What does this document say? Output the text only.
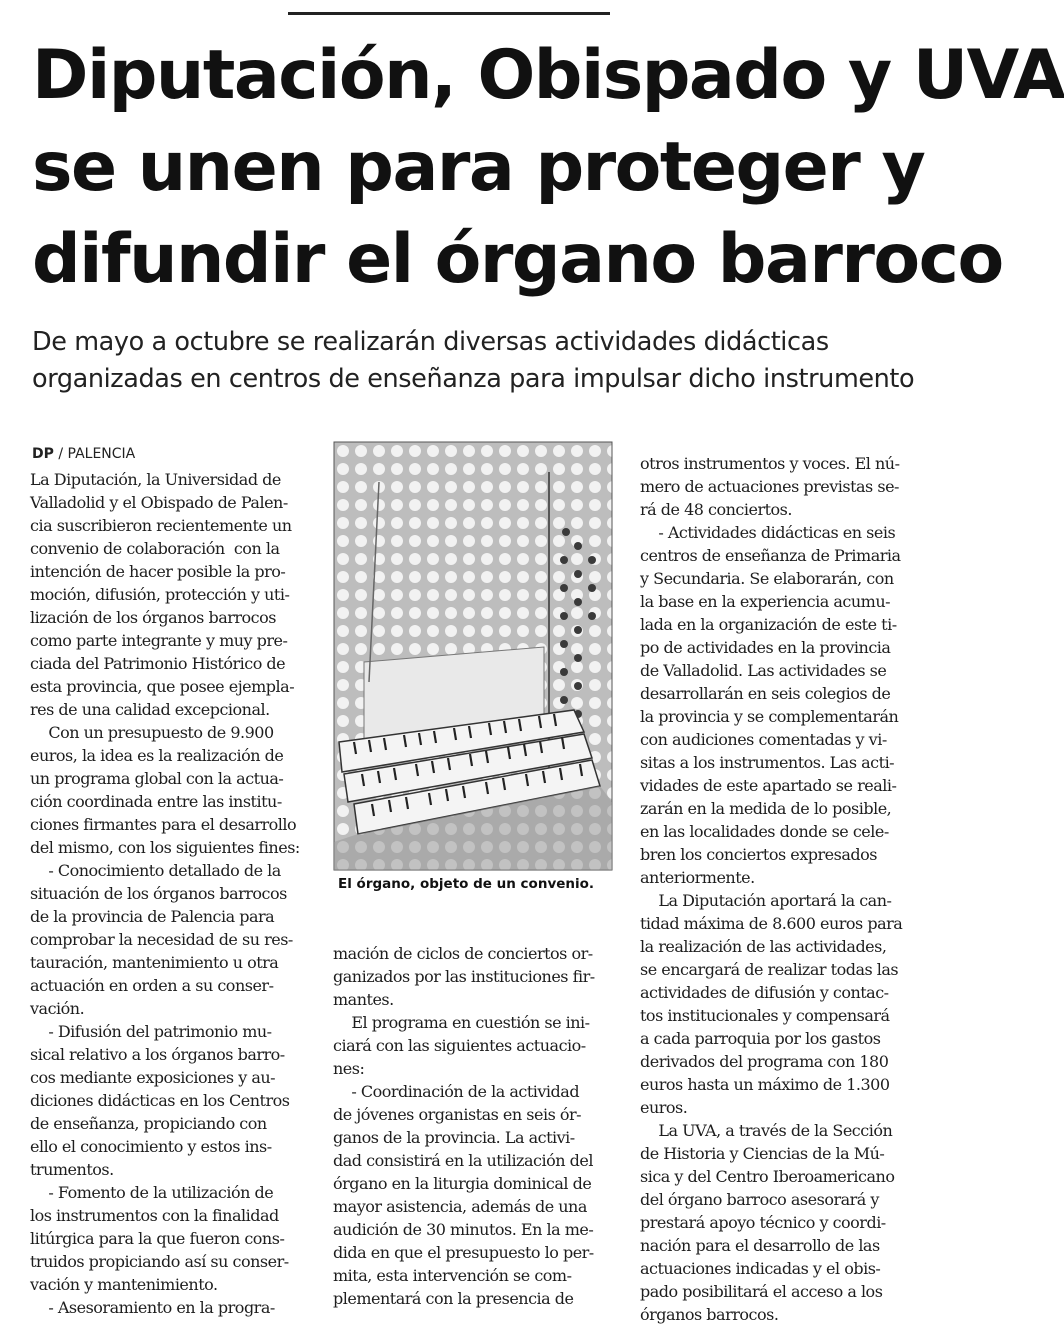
Diputación, Obispado y UVA
se unen para proteger y
difundir el órgano barroco
De mayo a octubre se realizarán diversas actividades didácticas
organizadas en centros de enseñanza para impulsar dicho instrumento
DP / PALENCIA

La Diputación, la Universidad de

Valladolid y el Obispado de Palen-

cia suscribieron recientemente un

convenio de colaboración  con la

intención de hacer posible la pro-

moción, difusión, protección y uti-

lización de los órganos barrocos

como parte integrante y muy pre-

ciada del Patrimonio Histórico de

esta provincia, que posee ejempla-

res de una calidad excepcional.

Con un presupuesto de 9.900

euros, la idea es la realización de

un programa global con la actua-

ción coordinada entre las institu-

ciones firmantes para el desarrollo

del mismo, con los siguientes fines:

- Conocimiento detallado de la

situación de los órganos barrocos

de la provincia de Palencia para

comprobar la necesidad de su res-

tauración, mantenimiento u otra

actuación en orden a su conser-

vación.

- Difusión del patrimonio mu-

sical relativo a los órganos barro-

cos mediante exposiciones y au-

diciones didácticas en los Centros

de enseñanza, propiciando con

ello el conocimiento y estos ins-

trumentos.

- Fomento de la utilización de

los instrumentos con la finalidad

litúrgica para la que fueron cons-

truidos propiciando así su conser-

vación y mantenimiento.

- Asesoramiento en la progra-

El órgano, objeto de un convenio.

mación de ciclos de conciertos or-

ganizados por las instituciones fir-

mantes.

El programa en cuestión se ini-

ciará con las siguientes actuacio-

nes:

- Coordinación de la actividad

de jóvenes organistas en seis ór-

ganos de la provincia. La activi-

dad consistirá en la utilización del

órgano en la liturgia dominical de

mayor asistencia, además de una

audición de 30 minutos. En la me-

dida en que el presupuesto lo per-

mita, esta intervención se com-

plementará con la presencia de

otros instrumentos y voces. El nú-

mero de actuaciones previstas se-

rá de 48 conciertos.

- Actividades didácticas en seis

centros de enseñanza de Primaria

y Secundaria. Se elaborarán, con

la base en la experiencia acumu-

lada en la organización de este ti-

po de actividades en la provincia

de Valladolid. Las actividades se

desarrollarán en seis colegios de

la provincia y se complementarán

con audiciones comentadas y vi-

sitas a los instrumentos. Las acti-

vidades de este apartado se reali-

zarán en la medida de lo posible,

en las localidades donde se cele-

bren los conciertos expresados

anteriormente.

La Diputación aportará la can-

tidad máxima de 8.600 euros para

la realización de las actividades,

se encargará de realizar todas las

actividades de difusión y contac-

tos institucionales y compensará

a cada parroquia por los gastos

derivados del programa con 180

euros hasta un máximo de 1.300

euros.

La UVA, a través de la Sección

de Historia y Ciencias de la Mú-

sica y del Centro Iberoamericano

del órgano barroco asesorará y

prestará apoyo técnico y coordi-

nación para el desarrollo de las

actuaciones indicadas y el obis-

pado posibilitará el acceso a los

órganos barrocos.
